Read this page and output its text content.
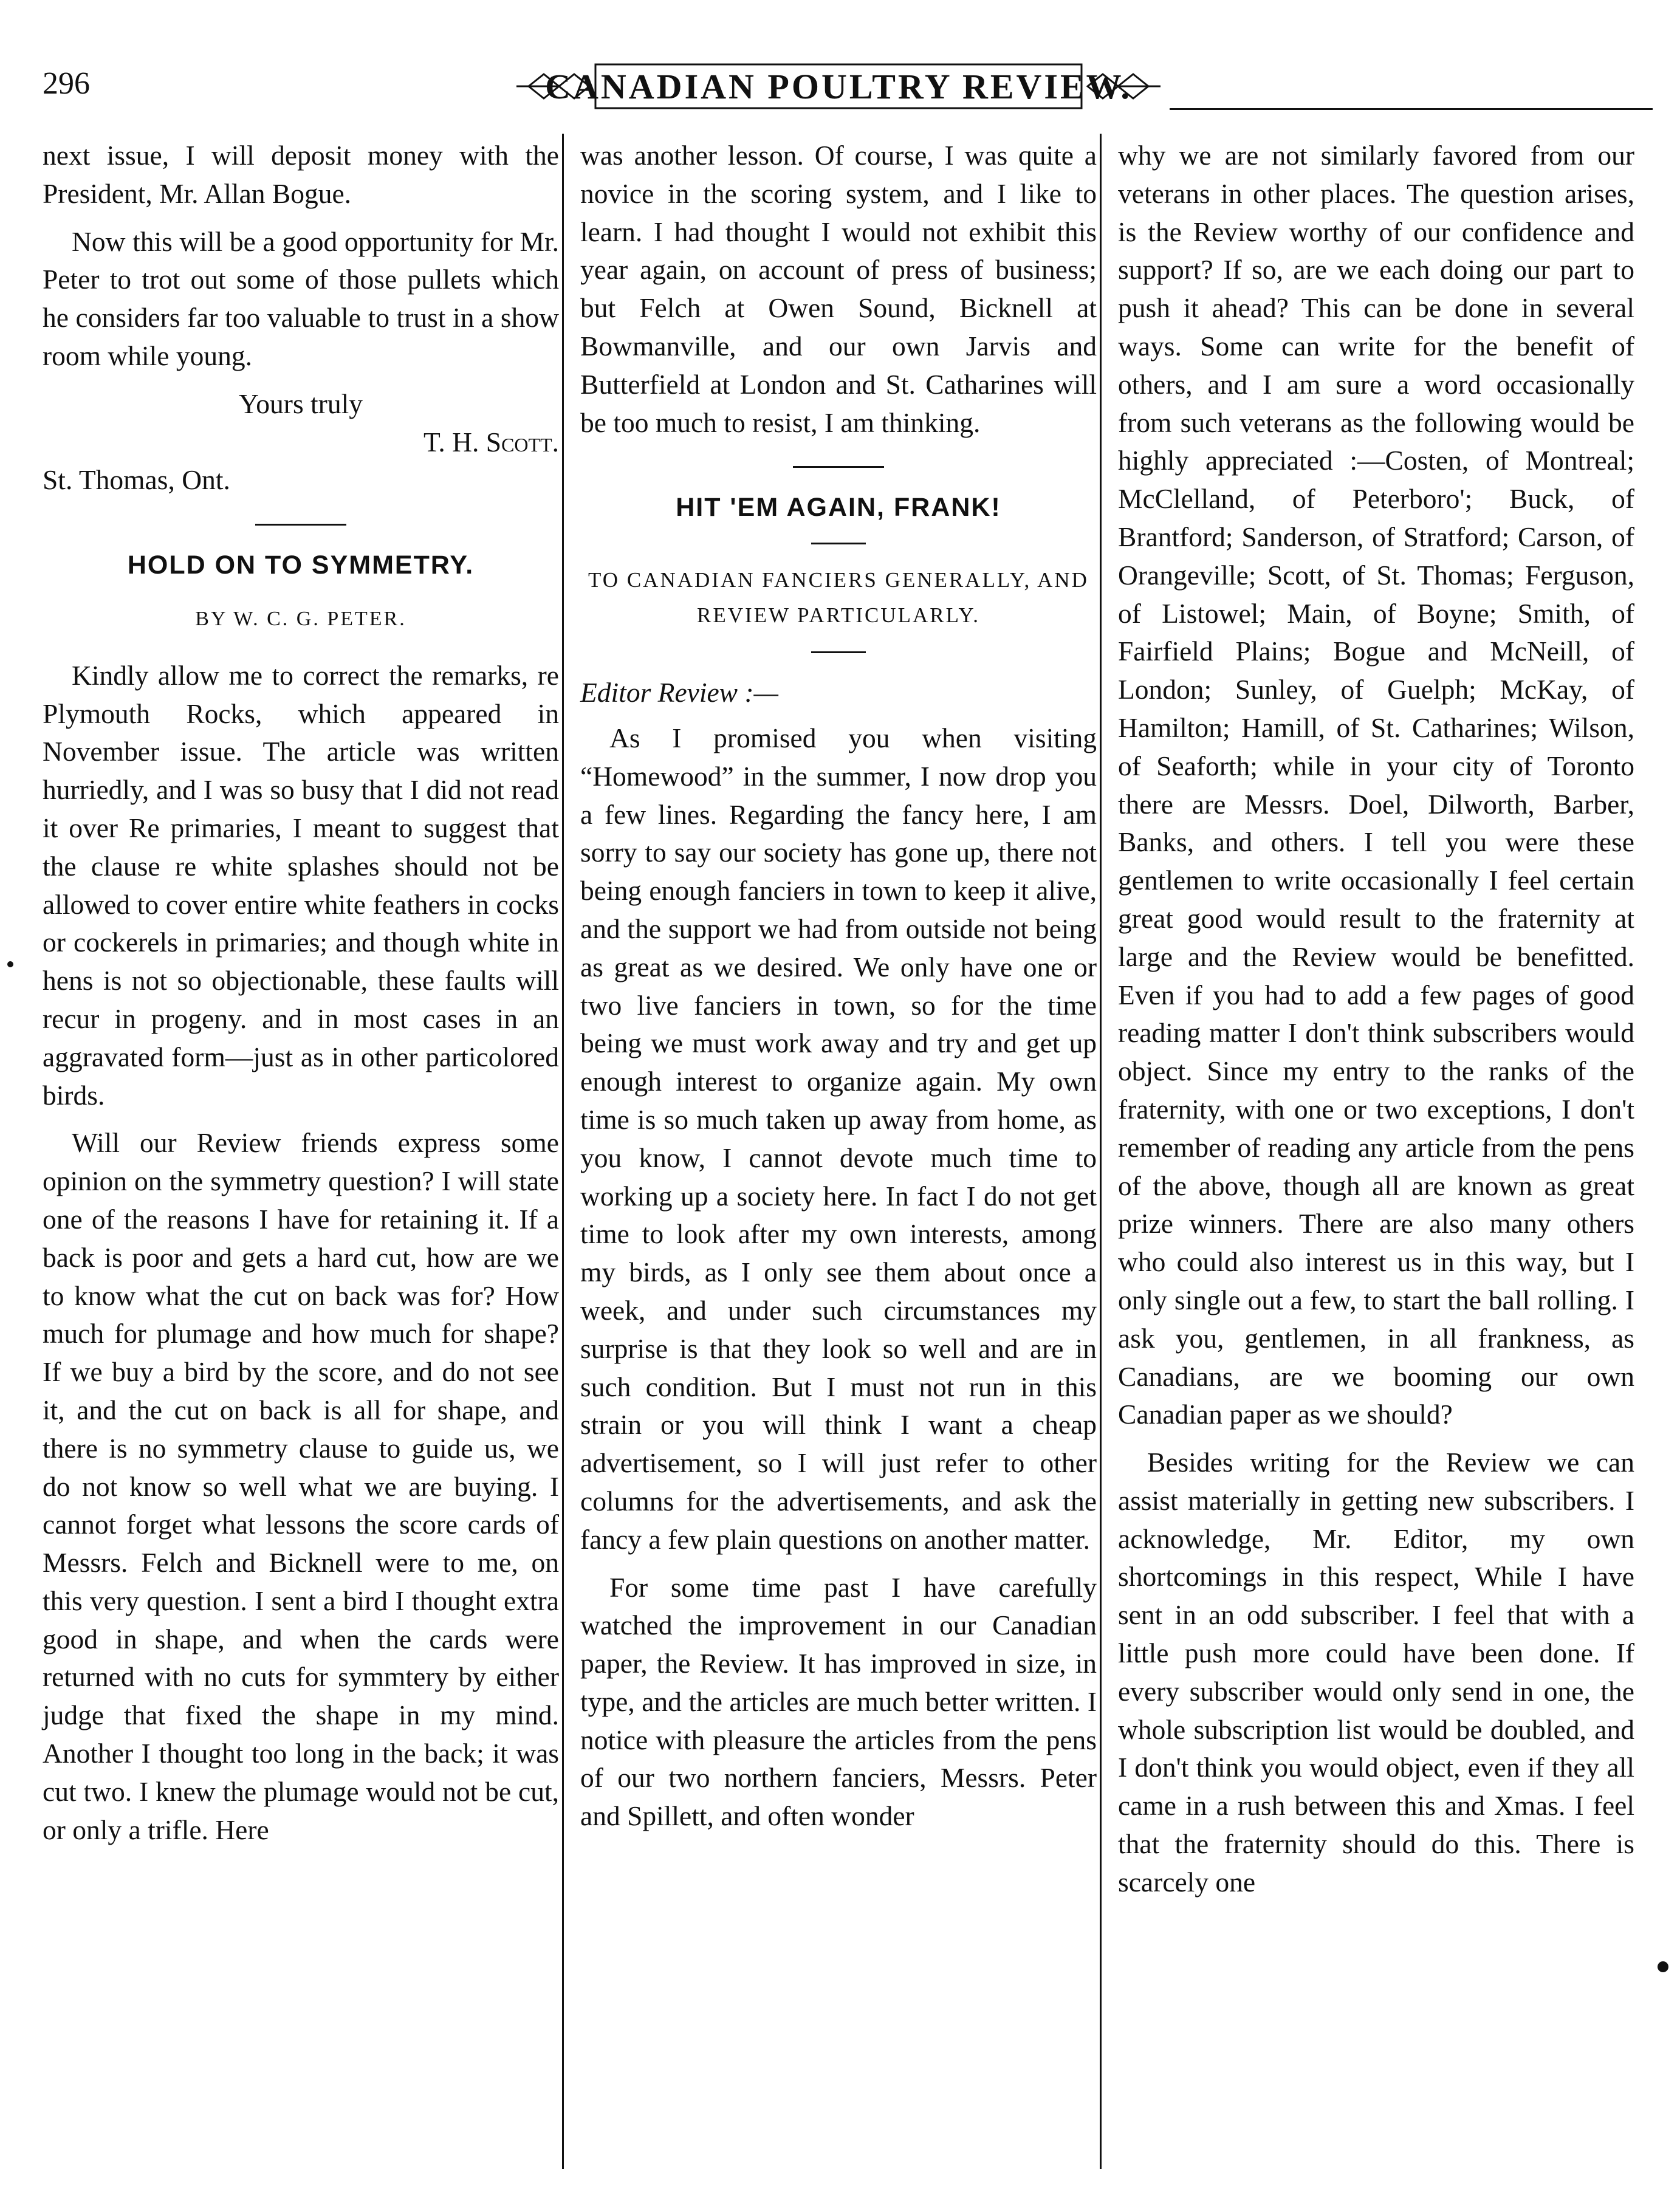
296	CANADIAN POULTRY REVIEW.

next issue, I will deposit money with the President, Mr. Allan Bogue.

Now this will be a good opportunity for Mr. Peter to trot out some of those pullets which he considers far too valuable to trust in a show room while young.

Yours truly

T. H. Scott.

St. Thomas, Ont.

HOLD ON TO SYMMETRY.
BY W. C. G. PETER.

Kindly allow me to correct the remarks, re Plymouth Rocks, which appeared in November issue. The article was written hurriedly, and I was so busy that I did not read it over Re primaries, I meant to suggest that the clause re white splashes should not be allowed to cover entire white feathers in cocks or cockerels in primaries; and though white in hens is not so objectionable, these faults will recur in progeny. and in most cases in an aggravated form—just as in other particolored birds.

Will our Review friends express some opinion on the symmetry question? I will state one of the reasons I have for retaining it. If a back is poor and gets a hard cut, how are we to know what the cut on back was for? How much for plumage and how much for shape? If we buy a bird by the score, and do not see it, and the cut on back is all for shape, and there is no symmetry clause to guide us, we do not know so well what we are buying. I cannot forget what lessons the score cards of Messrs. Felch and Bicknell were to me, on this very question. I sent a bird I thought extra good in shape, and when the cards were returned with no cuts for symmtery by either judge that fixed the shape in my mind. Another I thought too long in the back; it was cut two. I knew the plumage would not be cut, or only a trifle. Here

was another lesson. Of course, I was quite a novice in the scoring system, and I like to learn. I had thought I would not exhibit this year again, on account of press of business; but Felch at Owen Sound, Bicknell at Bowmanville, and our own Jarvis and Butterfield at London and St. Catharines will be too much to resist, I am thinking.

HIT 'EM AGAIN, FRANK!
TO CANADIAN FANCIERS GENERALLY, AND REVIEW PARTICULARLY.

Editor Review :—

As I promised you when visiting “Homewood” in the summer, I now drop you a few lines. Regarding the fancy here, I am sorry to say our society has gone up, there not being enough fanciers in town to keep it alive, and the support we had from outside not being as great as we desired. We only have one or two live fanciers in town, so for the time being we must work away and try and get up enough interest to organize again. My own time is so much taken up away from home, as you know, I cannot devote much time to working up a society here. In fact I do not get time to look after my own interests, among my birds, as I only see them about once a week, and under such circumstances my surprise is that they look so well and are in such condition. But I must not run in this strain or you will think I want a cheap advertisement, so I will just refer to other columns for the advertisements, and ask the fancy a few plain questions on another matter.

For some time past I have carefully watched the improvement in our Canadian paper, the Review. It has improved in size, in type, and the articles are much better written. I notice with pleasure the articles from the pens of our two northern fanciers, Messrs. Peter and Spillett, and often wonder

why we are not similarly favored from our veterans in other places. The question arises, is the Review worthy of our confidence and support? If so, are we each doing our part to push it ahead? This can be done in several ways. Some can write for the benefit of others, and I am sure a word occasionally from such veterans as the following would be highly appreciated :—Costen, of Montreal; McClelland, of Peterboro'; Buck, of Brantford; Sanderson, of Stratford; Carson, of Orangeville; Scott, of St. Thomas; Ferguson, of Listowel; Main, of Boyne; Smith, of Fairfield Plains; Bogue and McNeill, of London; Sunley, of Guelph; McKay, of Hamilton; Hamill, of St. Catharines; Wilson, of Seaforth; while in your city of Toronto there are Messrs. Doel, Dilworth, Barber, Banks, and others. I tell you were these gentlemen to write occasionally I feel certain great good would result to the fraternity at large and the Review would be benefitted. Even if you had to add a few pages of good reading matter I don't think subscribers would object. Since my entry to the ranks of the fraternity, with one or two exceptions, I don't remember of reading any article from the pens of the above, though all are known as great prize winners. There are also many others who could also interest us in this way, but I only single out a few, to start the ball rolling. I ask you, gentlemen, in all frankness, as Canadians, are we booming our own Canadian paper as we should?

Besides writing for the Review we can assist materially in getting new subscribers. I acknowledge, Mr. Editor, my own shortcomings in this respect, While I have sent in an odd subscriber. I feel that with a little push more could have been done. If every subscriber would only send in one, the whole subscription list would be doubled, and I don't think you would object, even if they all came in a rush between this and Xmas. I feel that the fraternity should do this. There is scarcely one
